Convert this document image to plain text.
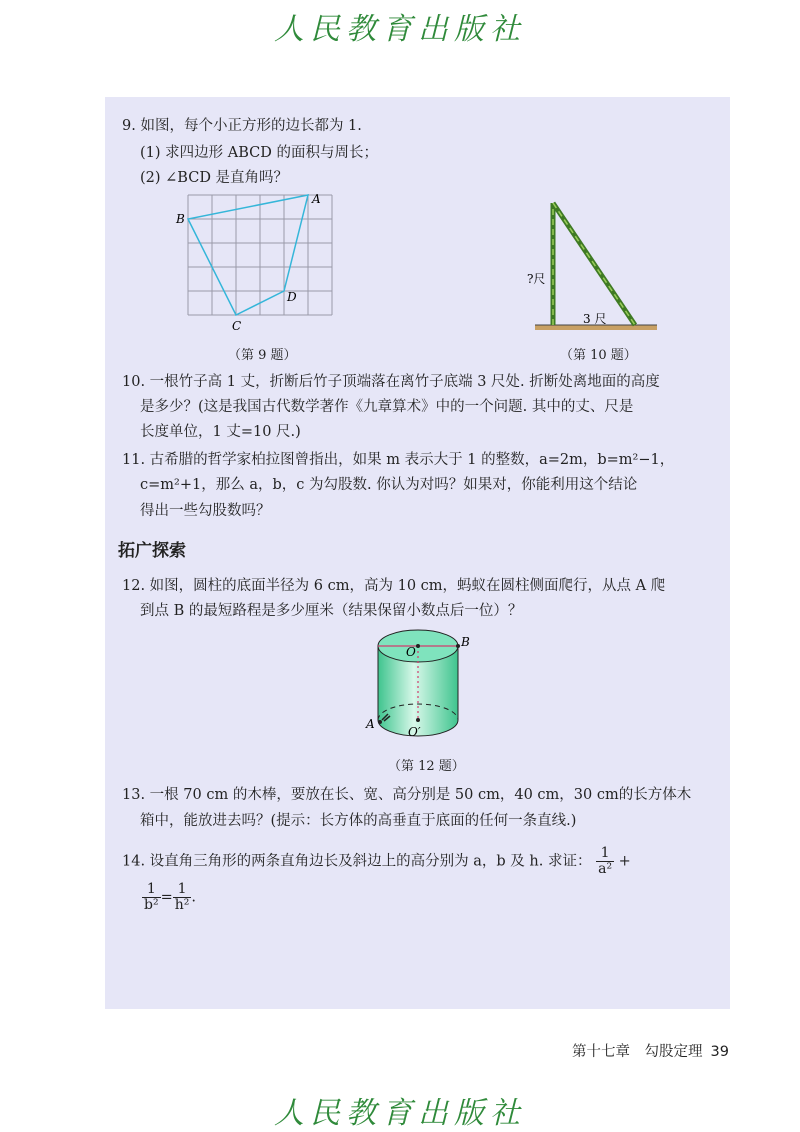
人民教育出版社
9. 如图，每个小正方形的边长都为 1.
(1) 求四边形 ABCD 的面积与周长；
(2) ∠BCD 是直角吗？
A
B
C
D
（第 9 题）
?尺
3 尺
（第 10 题）
10. 一根竹子高 1 丈，折断后竹子顶端落在离竹子底端 3 尺处. 折断处离地面的高度
是多少？(这是我国古代数学著作《九章算术》中的一个问题. 其中的丈、尺是
长度单位，1 丈=10 尺.)
11. 古希腊的哲学家柏拉图曾指出，如果 m 表示大于 1 的整数，a=2m，b=m²−1，
c=m²+1，那么 a，b，c 为勾股数. 你认为对吗？如果对，你能利用这个结论
得出一些勾股数吗？
拓广探索
12. 如图，圆柱的底面半径为 6 cm，高为 10 cm，蚂蚁在圆柱侧面爬行，从点 A 爬
到点 B 的最短路程是多少厘米（结果保留小数点后一位）？
O
B
A
O′
（第 12 题）
13. 一根 70 cm 的木棒，要放在长、宽、高分别是 50 cm，40 cm，30 cm的长方体木
箱中，能放进去吗？(提示：长方体的高垂直于底面的任何一条直线.)
14. 设直角三角形的两条直角边长及斜边上的高分别为 a，b 及 h. 求证： $\frac{1}{\text{a²}}$ +
$\frac{1}{\text{b²}} = \frac{1}{\text{h²}}$ .
第十七章　勾股定理 39
人民教育出版社
